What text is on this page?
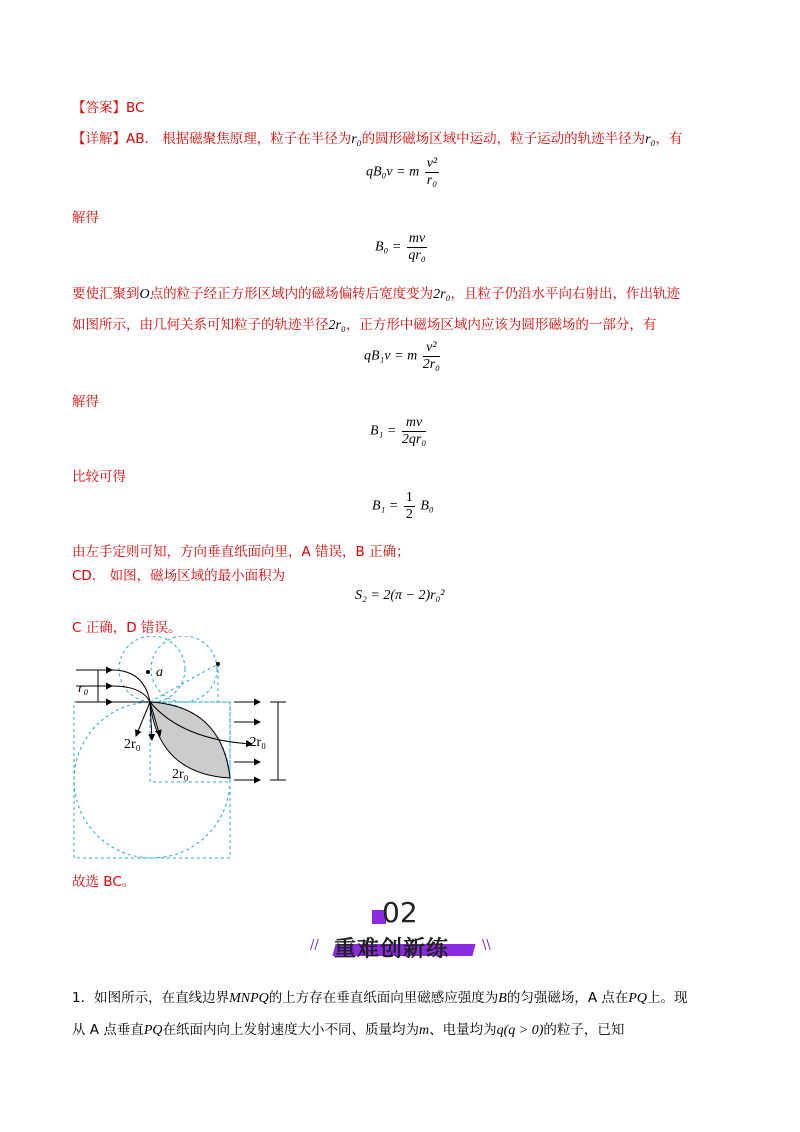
【答案】BC
【详解】AB． 根据磁聚焦原理，粒子在半径为r₀的圆形磁场区域中运动，粒子运动的轨迹半径为r₀，有
qB₀v = m $\frac{\text{v²}}{\text{r₀}}$
解得
$B_0 = \frac{mv}{\text{qr₀}}$
要使汇聚到O点的粒子经正方形区域内的磁场偏转后宽度变为2r₀，且粒子仍沿水平向右射出，作出轨迹
如图所示，由几何关系可知粒子的轨迹半径2r₀，正方形中磁场区域内应该为圆形磁场的一部分，有
qB₁v = m $\frac{\text{v²}}{\text{2r₀}}$
解得
$B_1 = \frac{mv}{\text{2qr₀}}$
比较可得
$B_1 = \frac{1}{2} B_0$
由左手定则可知，方向垂直纸面向里，A 错误，B 正确；
CD． 如图，磁场区域的最小面积为
S₂ = 2(π − 2)r₀²
C 正确，D 错误。
a
r₀
2r₀
2r₀
2r₀
故选 BC。
02
//	\\
重难创新练
1．如图所示，在直线边界MNPQ的上方存在垂直纸面向里磁感应强度为B的匀强磁场，A 点在PQ上。现
从 A 点垂直PQ在纸面内向上发射速度大小不同、质量均为m、电量均为q(q > 0)的粒子，已知
